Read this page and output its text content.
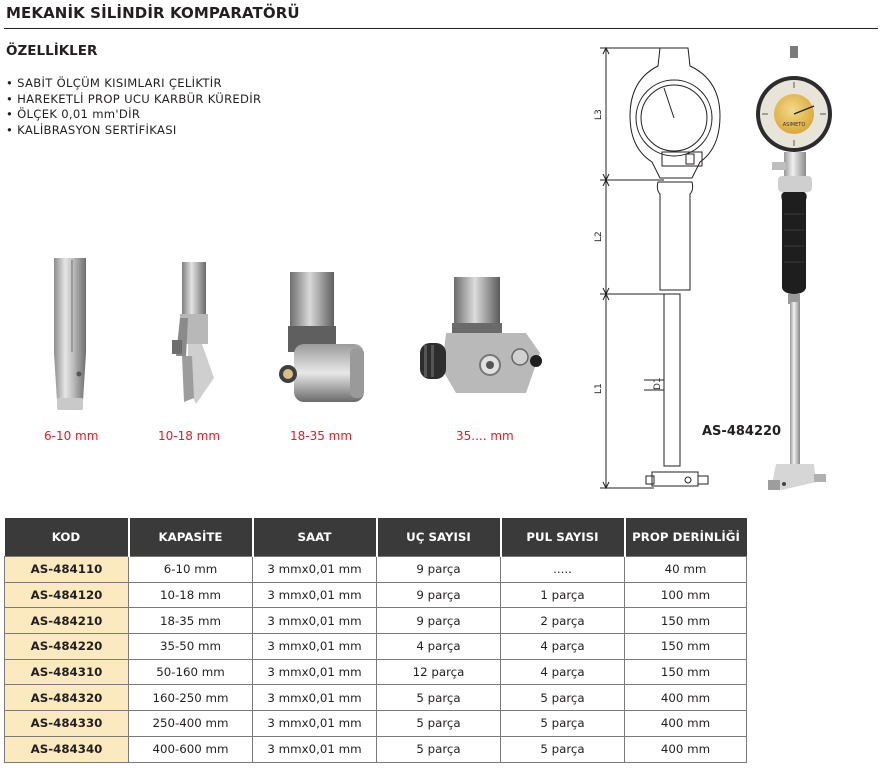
MEKANİK SİLİNDİR KOMPARATÖRÜ
ÖZELLİKLER
• SABİT ÖLÇÜM KISIMLARI ÇELİKTİR
• HAREKETLİ PROP UCU KARBÜR KÜREDİR
• ÖLÇEK 0,01 mm'DİR
• KALİBRASYON SERTİFİKASI
6-10 mm	10-18 mm	18-35 mm	35.... mm
L3
L2
L1	D1
ASIMETO
AS-484220
KOD	KAPASİTE	SAAT	UÇ SAYISI	PUL SAYISI	PROP DERİNLİĞİ
AS-484110	6-10 mm	3 mmx0,01 mm	9 parça	.....	40 mm
AS-484120	10-18 mm	3 mmx0,01 mm	9 parça	1 parça	100 mm
AS-484210	18-35 mm	3 mmx0,01 mm	9 parça	2 parça	150 mm
AS-484220	35-50 mm	3 mmx0,01 mm	4 parça	4 parça	150 mm
AS-484310	50-160 mm	3 mmx0,01 mm	12 parça	4 parça	150 mm
AS-484320	160-250 mm	3 mmx0,01 mm	5 parça	5 parça	400 mm
AS-484330	250-400 mm	3 mmx0,01 mm	5 parça	5 parça	400 mm
AS-484340	400-600 mm	3 mmx0,01 mm	5 parça	5 parça	400 mm
